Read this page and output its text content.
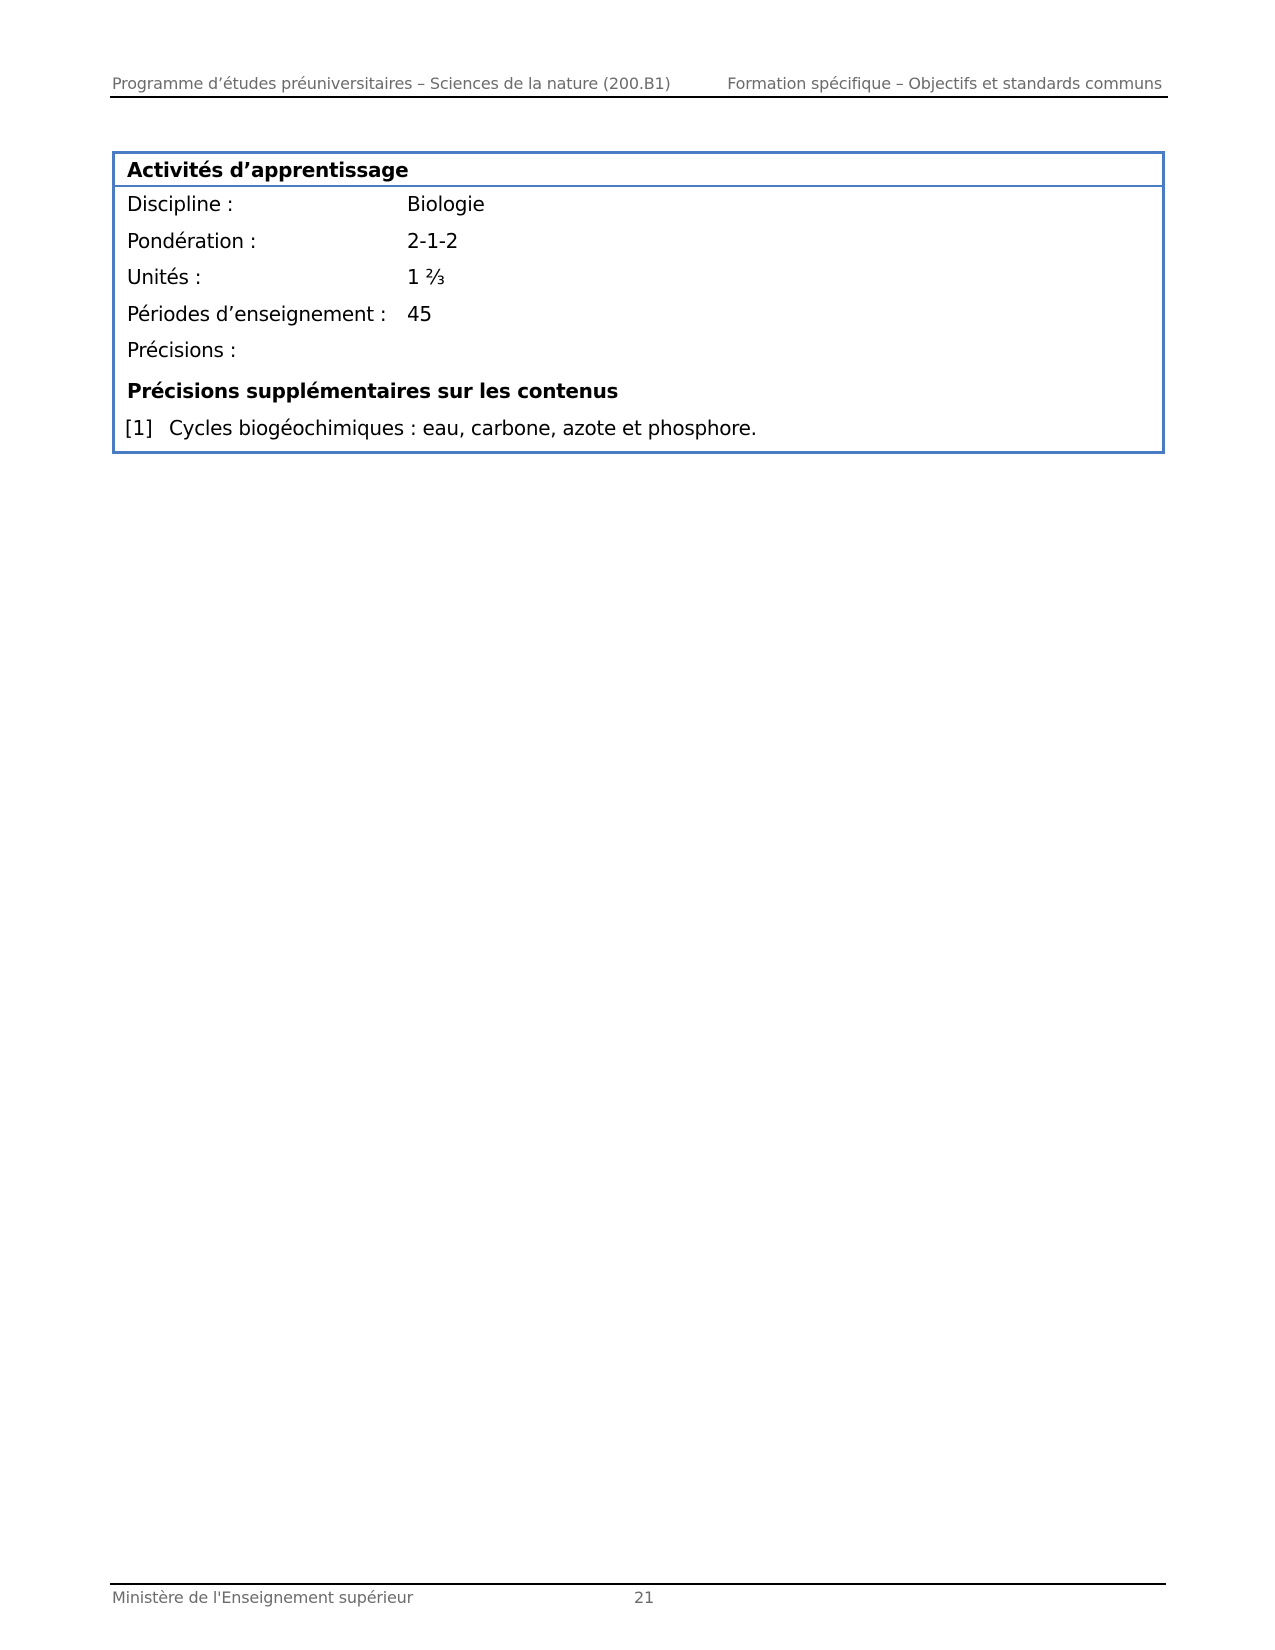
Programme d’études préuniversitaires – Sciences de la nature (200.B1)	Formation spécifique – Objectifs et standards communs
Activités d’apprentissage
Discipline :	Biologie
Pondération :	2-1-2
Unités :	1 ⅔
Périodes d’enseignement : 45
Précisions :
Précisions supplémentaires sur les contenus
[1] Cycles biogéochimiques : eau, carbone, azote et phosphore.
Ministère de l'Enseignement supérieur	21
